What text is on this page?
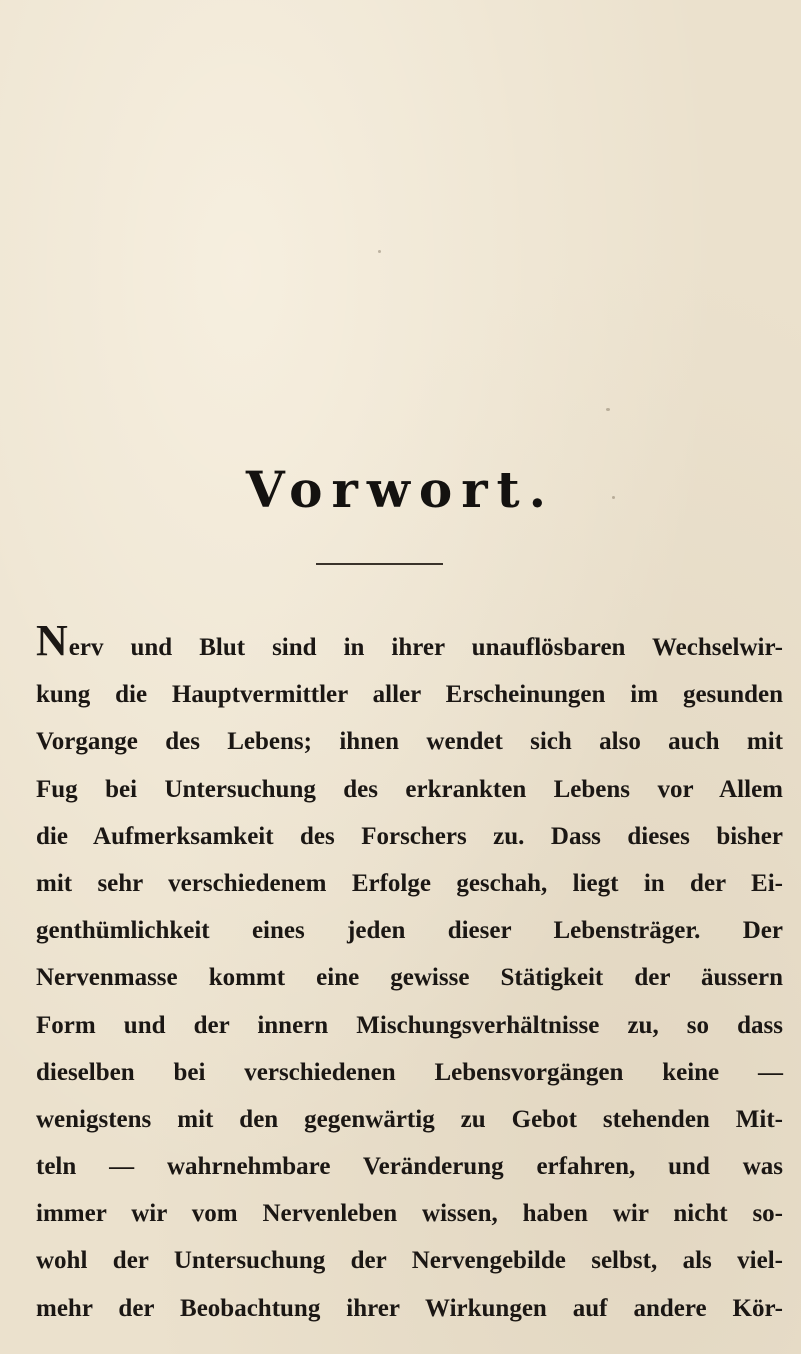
Vorwort.
Nerv und Blut sind in ihrer unauflösbaren Wechselwir-
kung die Hauptvermittler aller Erscheinungen im gesunden
Vorgange des Lebens; ihnen wendet sich also auch mit
Fug bei Untersuchung des erkrankten Lebens vor Allem
die Aufmerksamkeit des Forschers zu. Dass dieses bisher
mit sehr verschiedenem Erfolge geschah, liegt in der Ei-
genthümlichkeit eines jeden dieser Lebensträger. Der
Nervenmasse kommt eine gewisse Stätigkeit der äussern
Form und der innern Mischungsverhältnisse zu, so dass
dieselben bei verschiedenen Lebensvorgängen keine —
wenigstens mit den gegenwärtig zu Gebot stehenden Mit-
teln — wahrnehmbare Veränderung erfahren, und was
immer wir vom Nervenleben wissen, haben wir nicht so-
wohl der Untersuchung der Nervengebilde selbst, als viel-
mehr der Beobachtung ihrer Wirkungen auf andere Kör-
